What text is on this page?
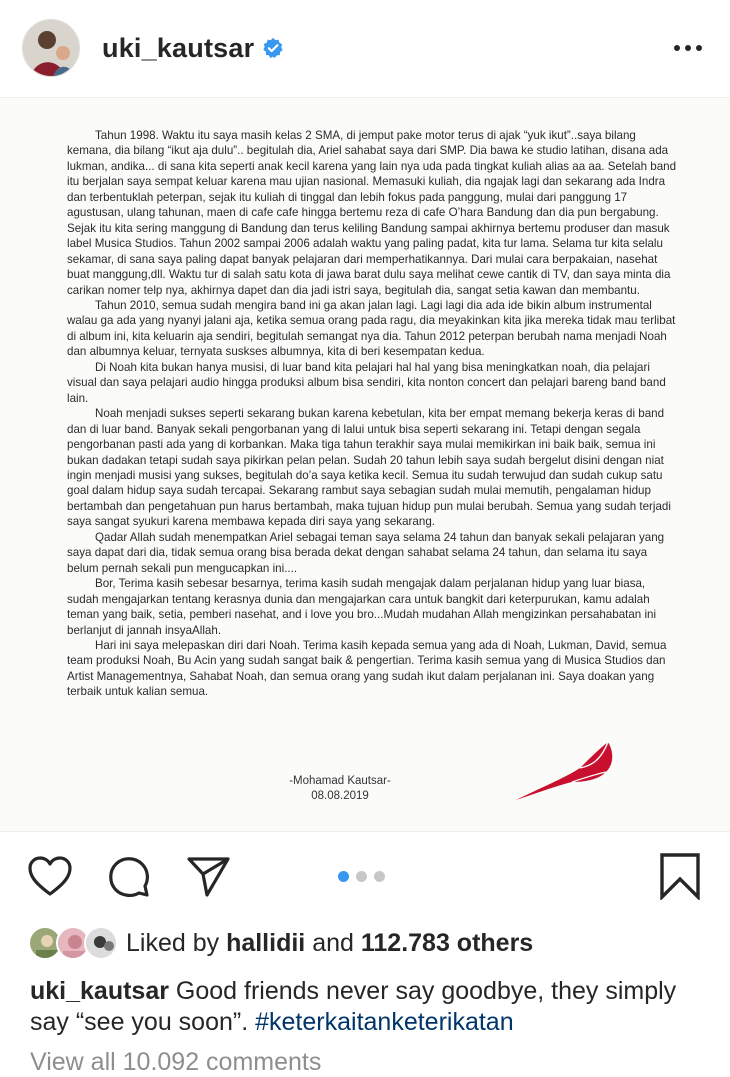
uki_kautsar

Tahun 1998. Waktu itu saya masih kelas 2 SMA, di jemput pake motor terus di ajak “yuk ikut”..saya bilang kemana, dia bilang “ikut aja dulu”.. begitulah dia, Ariel sahabat saya dari SMP. Dia bawa ke studio latihan, disana ada lukman, andika... di sana kita seperti anak kecil karena yang lain nya uda pada tingkat kuliah alias aa aa. Setelah band itu berjalan saya sempat keluar karena mau ujian nasional. Memasuki kuliah, dia ngajak lagi dan sekarang ada Indra dan terbentuklah peterpan, sejak itu kuliah di tinggal dan lebih fokus pada panggung, mulai dari panggung 17 agustusan, ulang tahunan, maen di cafe cafe hingga bertemu reza di cafe O’hara Bandung dan dia pun bergabung. Sejak itu kita sering manggung di Bandung dan terus keliling Bandung sampai akhirnya bertemu produser dan masuk label Musica Studios. Tahun 2002 sampai 2006 adalah waktu yang paling padat, kita tur lama. Selama tur kita selalu sekamar, di sana saya paling dapat banyak pelajaran dari memperhatikannya. Dari mulai cara berpakaian, nasehat buat manggung,dll. Waktu tur di salah satu kota di jawa barat dulu saya melihat cewe cantik di TV, dan saya minta dia carikan nomer telp nya, akhirnya dapet dan dia jadi istri saya, begitulah dia, sangat setia kawan dan membantu.

Tahun 2010, semua sudah mengira band ini ga akan jalan lagi. Lagi lagi dia ada ide bikin album instrumental walau ga ada yang nyanyi jalani aja, ketika semua orang pada ragu, dia meyakinkan kita jika mereka tidak mau terlibat di album ini, kita keluarin aja sendiri, begitulah semangat nya dia. Tahun 2012 peterpan berubah nama menjadi Noah dan albumnya keluar, ternyata suskses albumnya, kita di beri kesempatan kedua.

Di Noah kita bukan hanya musisi, di luar band kita pelajari hal hal yang bisa meningkatkan noah, dia pelajari visual dan saya pelajari audio hingga produksi album bisa sendiri, kita nonton concert dan pelajari bareng band band lain.

Noah menjadi sukses seperti sekarang bukan karena kebetulan, kita ber empat memang bekerja keras di band dan di luar band. Banyak sekali pengorbanan yang di lalui untuk bisa seperti sekarang ini. Tetapi dengan segala pengorbanan pasti ada yang di korbankan. Maka tiga tahun terakhir saya mulai memikirkan ini baik baik, semua ini bukan dadakan tetapi sudah saya pikirkan pelan pelan. Sudah 20 tahun lebih saya sudah bergelut disini dengan niat ingin menjadi musisi yang sukses, begitulah do’a saya ketika kecil. Semua itu sudah terwujud dan sudah cukup satu goal dalam hidup saya sudah tercapai. Sekarang rambut saya sebagian sudah mulai memutih, pengalaman hidup bertambah dan pengetahuan pun harus bertambah, maka tujuan hidup pun mulai berubah. Semua yang sudah terjadi saya sangat syukuri karena membawa kepada diri saya yang sekarang.

Qadar Allah sudah menempatkan Ariel sebagai teman saya selama 24 tahun dan banyak sekali pelajaran yang saya dapat dari dia, tidak semua orang bisa berada dekat dengan sahabat selama 24 tahun, dan selama itu saya belum pernah sekali pun mengucapkan ini....

Bor, Terima kasih sebesar besarnya, terima kasih sudah mengajak dalam perjalanan hidup yang luar biasa, sudah mengajarkan tentang kerasnya dunia dan mengajarkan cara untuk bangkit dari keterpurukan, kamu adalah teman yang baik, setia, pemberi nasehat, and i love you bro...Mudah mudahan Allah mengizinkan persahabatan ini berlanjut di jannah insyaAllah.

Hari ini saya melepaskan diri dari Noah. Terima kasih kepada semua yang ada di Noah, Lukman, David, semua team produksi Noah, Bu Acin yang sudah sangat baik & pengertian. Terima kasih semua yang di Musica Studios dan Artist Managementnya, Sahabat Noah, dan semua orang yang sudah ikut dalam perjalanan ini. Saya doakan yang terbaik untuk kalian semua.

-Mohamad Kautsar-
08.08.2019
Liked by hallidii and 112.783 others
uki_kautsar Good friends never say goodbye, they simply say “see you soon”. #keterkaitanketerikatan
View all 10.092 comments
